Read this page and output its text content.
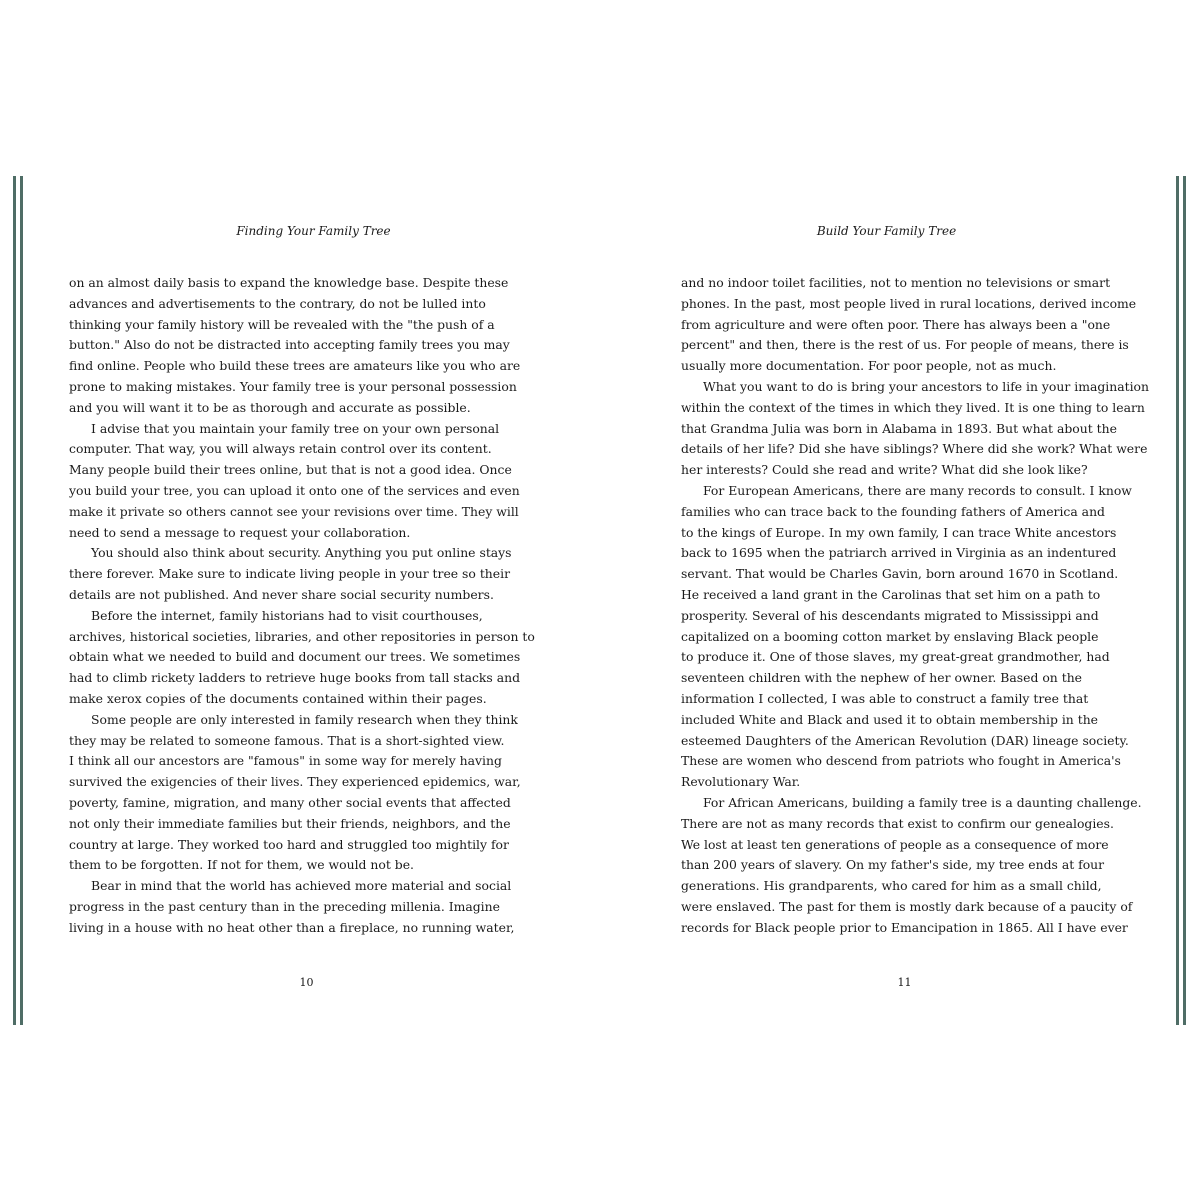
Finding Your Family Tree
on an almost daily basis to expand the knowledge base. Despite these
advances and advertisements to the contrary, do not be lulled into
thinking your family history will be revealed with the "the push of a
button." Also do not be distracted into accepting family trees you may
find online. People who build these trees are amateurs like you who are
prone to making mistakes. Your family tree is your personal possession
and you will want it to be as thorough and accurate as possible.
I advise that you maintain your family tree on your own personal
computer. That way, you will always retain control over its content.
Many people build their trees online, but that is not a good idea. Once
you build your tree, you can upload it onto one of the services and even
make it private so others cannot see your revisions over time. They will
need to send a message to request your collaboration.
You should also think about security. Anything you put online stays
there forever. Make sure to indicate living people in your tree so their
details are not published. And never share social security numbers.
Before the internet, family historians had to visit courthouses,
archives, historical societies, libraries, and other repositories in person to
obtain what we needed to build and document our trees. We sometimes
had to climb rickety ladders to retrieve huge books from tall stacks and
make xerox copies of the documents contained within their pages.
Some people are only interested in family research when they think
they may be related to someone famous. That is a short-sighted view.
I think all our ancestors are "famous" in some way for merely having
survived the exigencies of their lives. They experienced epidemics, war,
poverty, famine, migration, and many other social events that affected
not only their immediate families but their friends, neighbors, and the
country at large. They worked too hard and struggled too mightily for
them to be forgotten. If not for them, we would not be.
Bear in mind that the world has achieved more material and social
progress in the past century than in the preceding millenia. Imagine
living in a house with no heat other than a fireplace, no running water,
10
Build Your Family Tree
and no indoor toilet facilities, not to mention no televisions or smart
phones. In the past, most people lived in rural locations, derived income
from agriculture and were often poor. There has always been a "one
percent" and then, there is the rest of us. For people of means, there is
usually more documentation. For poor people, not as much.
What you want to do is bring your ancestors to life in your imagination
within the context of the times in which they lived. It is one thing to learn
that Grandma Julia was born in Alabama in 1893. But what about the
details of her life? Did she have siblings? Where did she work? What were
her interests? Could she read and write? What did she look like?
For European Americans, there are many records to consult. I know
families who can trace back to the founding fathers of America and
to the kings of Europe. In my own family, I can trace White ancestors
back to 1695 when the patriarch arrived in Virginia as an indentured
servant. That would be Charles Gavin, born around 1670 in Scotland.
He received a land grant in the Carolinas that set him on a path to
prosperity. Several of his descendants migrated to Mississippi and
capitalized on a booming cotton market by enslaving Black people
to produce it. One of those slaves, my great-great grandmother, had
seventeen children with the nephew of her owner. Based on the
information I collected, I was able to construct a family tree that
included White and Black and used it to obtain membership in the
esteemed Daughters of the American Revolution (DAR) lineage society.
These are women who descend from patriots who fought in America's
Revolutionary War.
For African Americans, building a family tree is a daunting challenge.
There are not as many records that exist to confirm our genealogies.
We lost at least ten generations of people as a consequence of more
than 200 years of slavery. On my father's side, my tree ends at four
generations. His grandparents, who cared for him as a small child,
were enslaved. The past for them is mostly dark because of a paucity of
records for Black people prior to Emancipation in 1865. All I have ever
11
